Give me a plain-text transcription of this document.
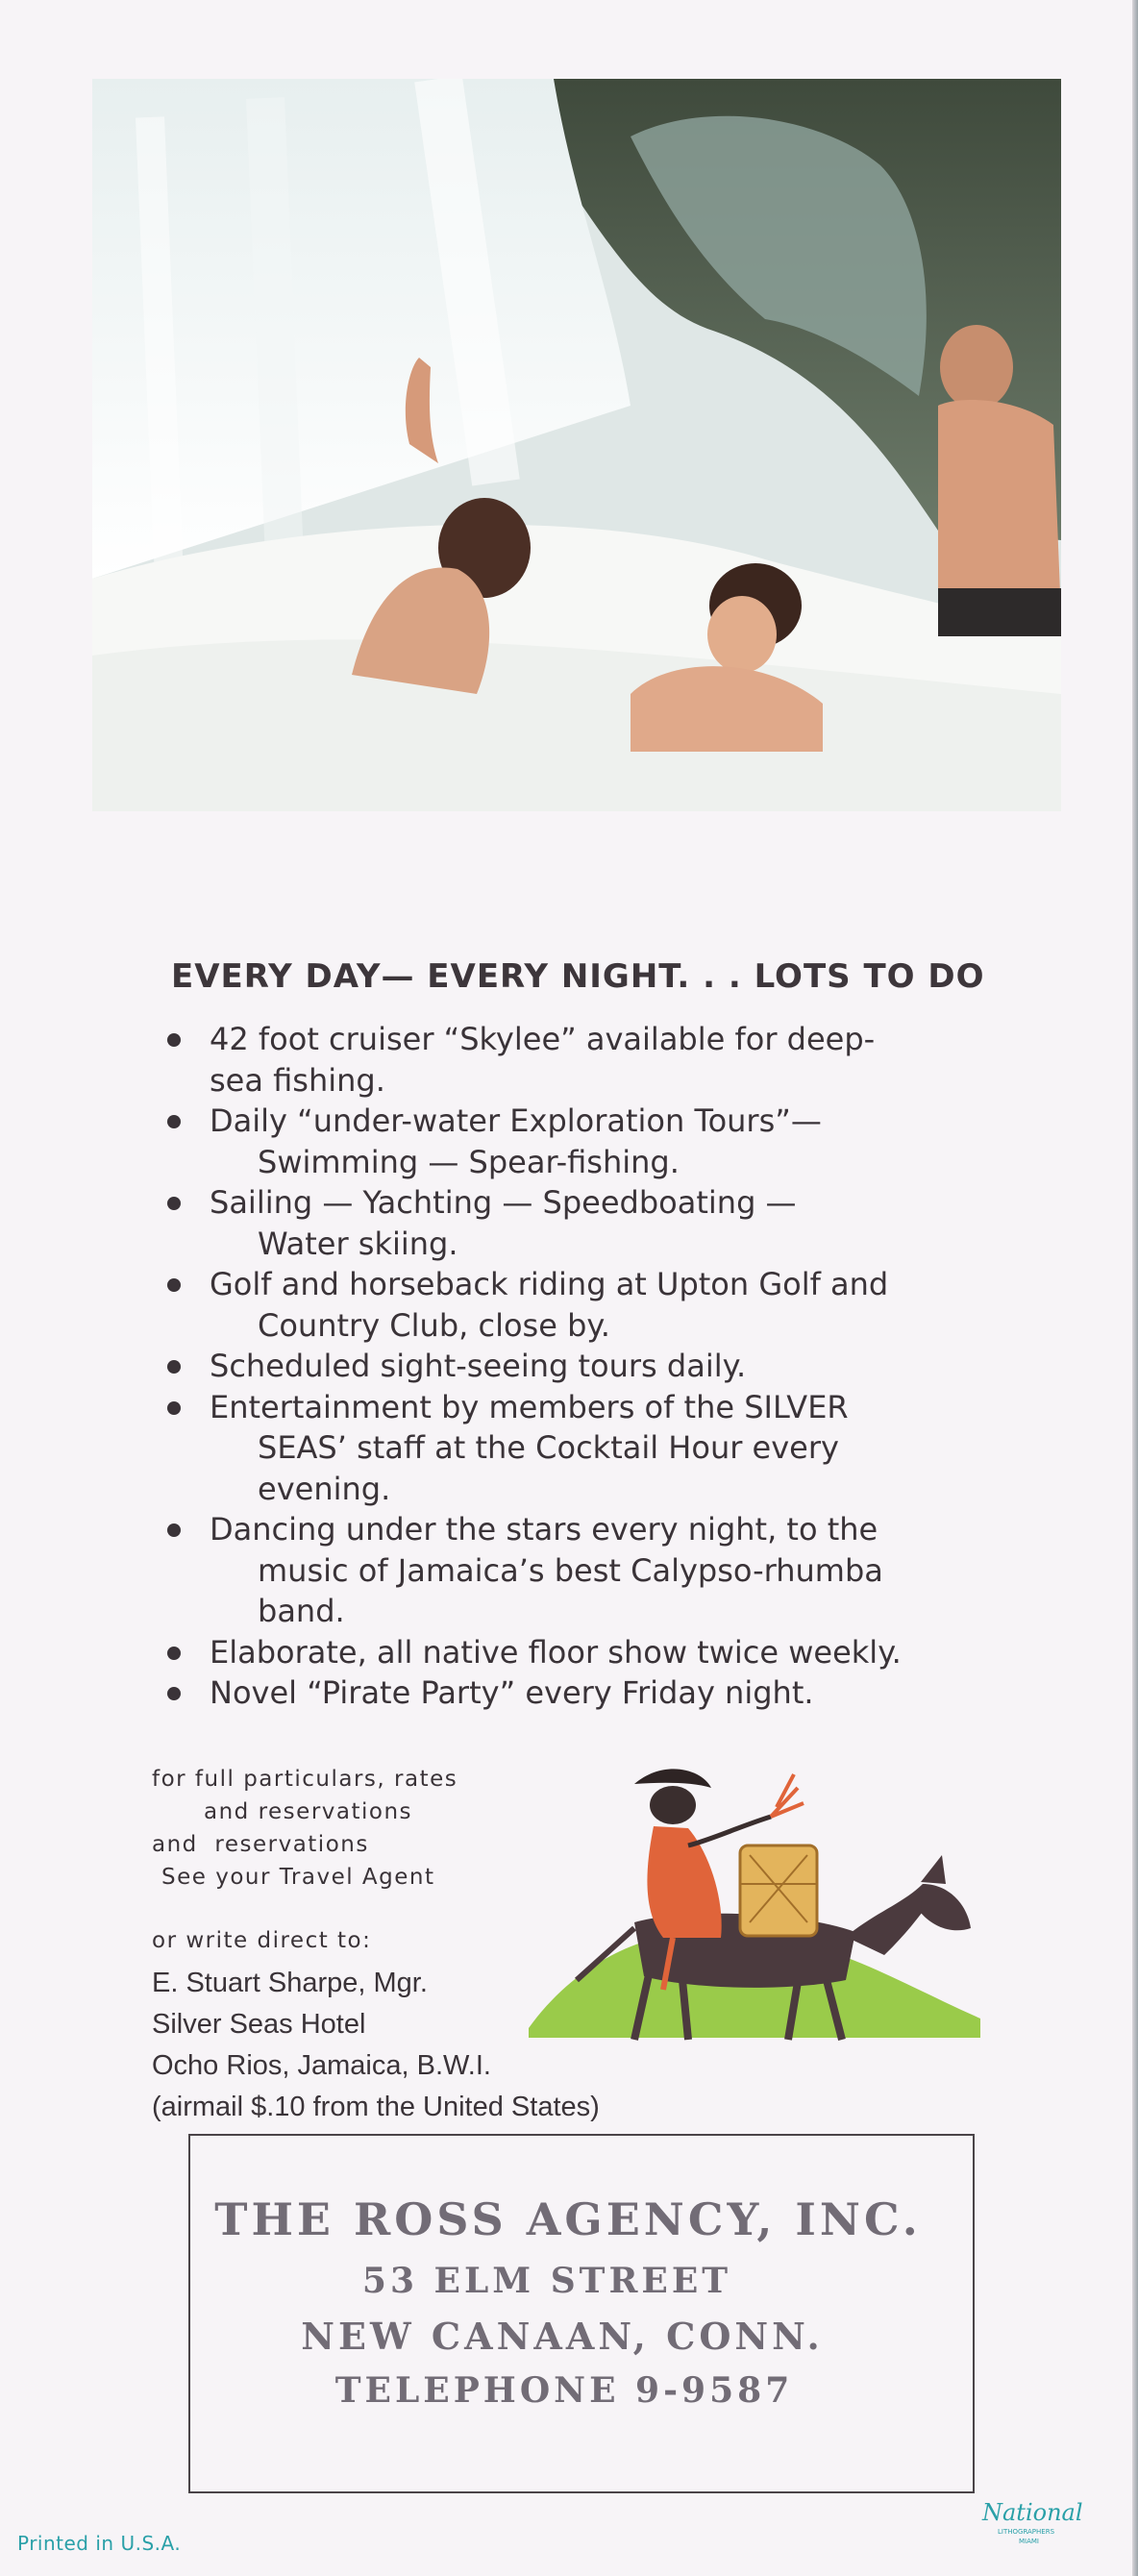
EVERY DAY— EVERY NIGHT. . . LOTS TO DO
42 foot cruiser “Skylee” available for deep-
sea fishing.
Daily “under-water Exploration Tours”—
Swimming — Spear-fishing.
Sailing — Yachting — Speedboating —
Water skiing.
Golf and horseback riding at Upton Golf and
Country Club, close by.
Scheduled sight-seeing tours daily.
Entertainment by members of the SILVER
SEAS’ staff at the Cocktail Hour every
evening.
Dancing under the stars every night, to the
music of Jamaica’s best Calypso-rhumba
band.
Elaborate, all native floor show twice weekly.
Novel “Pirate Party” every Friday night.
for full particulars, rates
and reservations
and  reservations
See your Travel Agent
or write direct to:
E. Stuart Sharpe, Mgr.
Silver Seas Hotel
Ocho Rios, Jamaica, B.W.I.
(airmail $.10 from the United States)
THE ROSS AGENCY, INC.
53 ELM STREET
NEW CANAAN, CONN.
TELEPHONE 9-9587
Printed in U.S.A.
National
LITHOGRAPHERS
MIAMI
